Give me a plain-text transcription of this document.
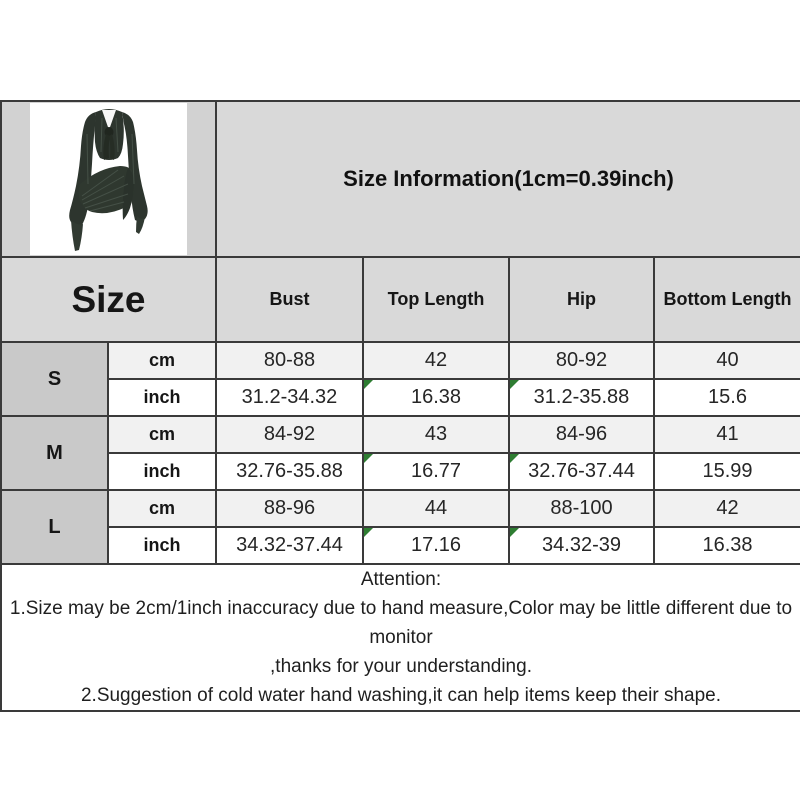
	Size Information(1cm=0.39inch)			
Size		Bust	Top Length	Hip	Bottom Length
S	cm	80-88	42	80-92	40
	inch	31.2-34.32	16.38	31.2-35.88	15.6
M	cm	84-92	43	84-96	41
	inch	32.76-35.88	16.77	32.76-37.44	15.99
L	cm	88-96	44	88-100	42
	inch	34.32-37.44	17.16	34.32-39	16.38

Attention:
1.Size may be 2cm/1inch inaccuracy due to hand measure,Color may be little different due to monitor
,thanks for your understanding.
2.Suggestion of cold water hand washing,it can help items keep their shape.					
